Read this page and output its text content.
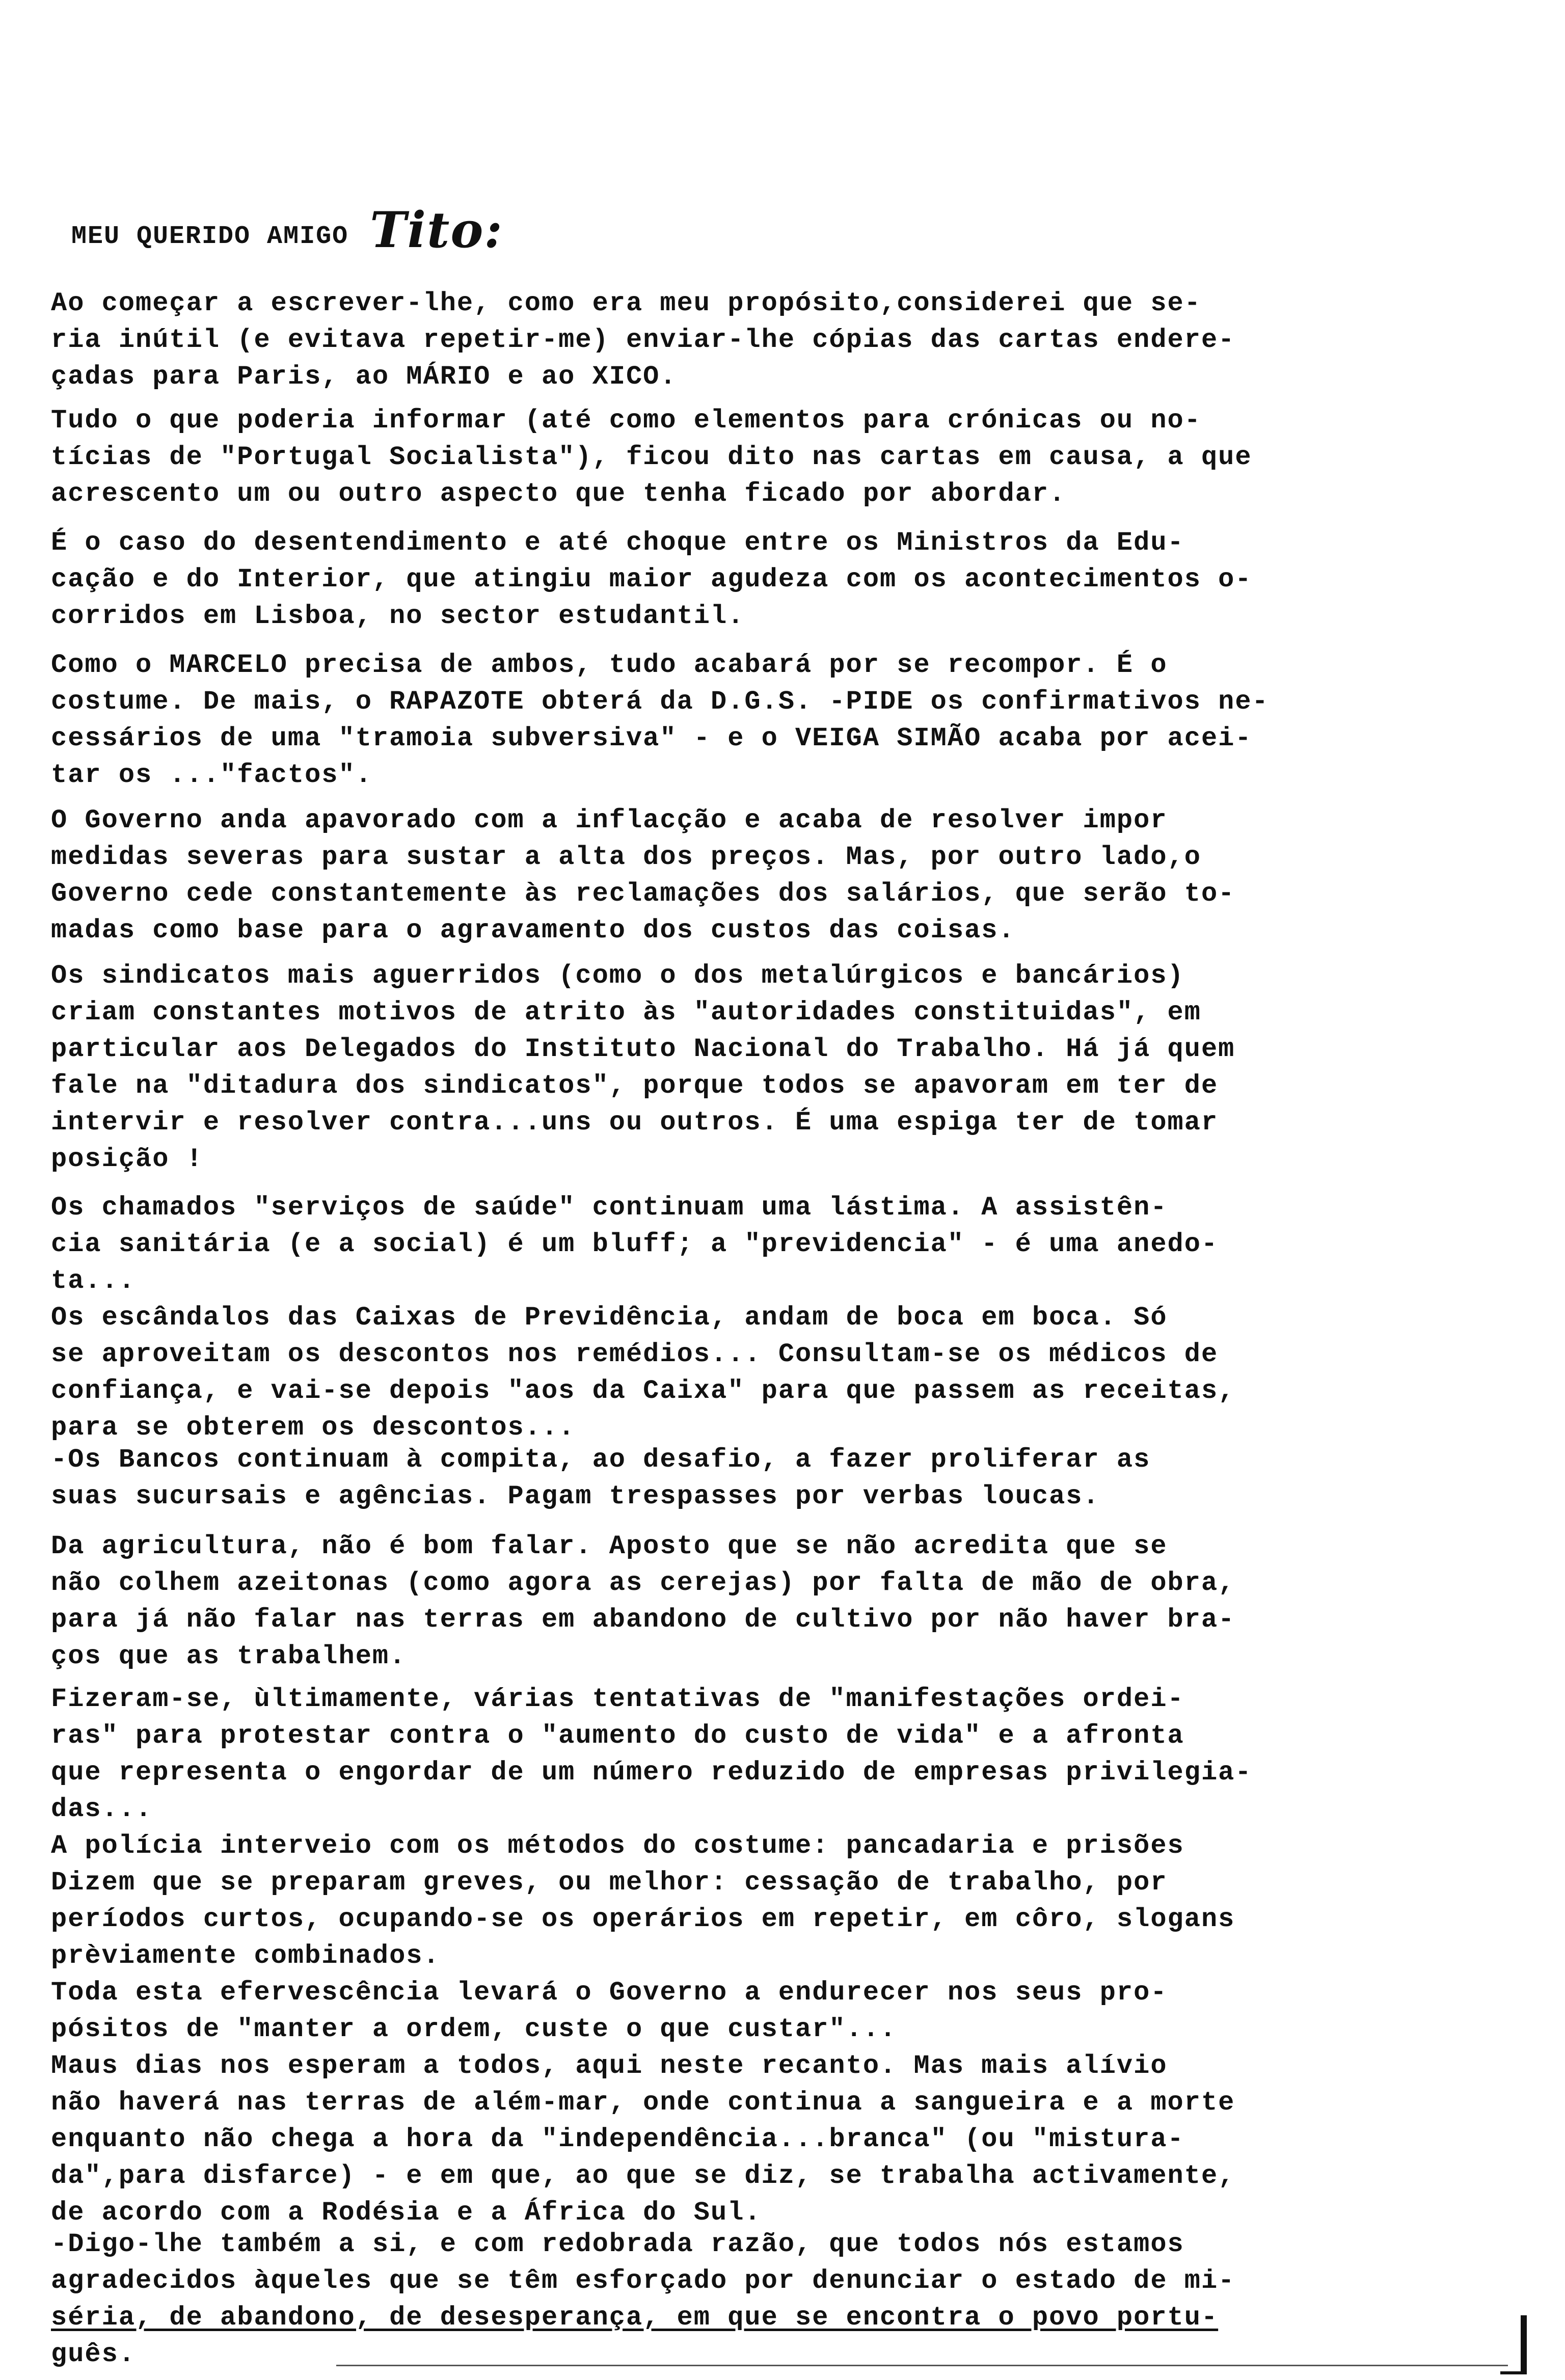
MEU QUERIDO AMIGO Tito:
Ao começar a escrever-lhe, como era meu propósito,considerei que se-
ria inútil (e evitava repetir-me) enviar-lhe cópias das cartas endere-
çadas para Paris, ao MÁRIO e ao XICO.
Tudo o que poderia informar (até como elementos para crónicas ou no-
tícias de "Portugal Socialista"), ficou dito nas cartas em causa, a que
acrescento um ou outro aspecto que tenha ficado por abordar.
É o caso do desentendimento e até choque entre os Ministros da Edu-
cação e do Interior, que atingiu maior agudeza com os acontecimentos o-
corridos em Lisboa, no sector estudantil.
Como o MARCELO precisa de ambos, tudo acabará por se recompor. É o
costume. De mais, o RAPAZOTE obterá da D.G.S. -PIDE os confirmativos ne-
cessários de uma "tramoia subversiva" - e o VEIGA SIMÃO acaba por acei-
tar os ..."factos".
O Governo anda apavorado com a inflacção e acaba de resolver impor
medidas severas para sustar a alta dos preços. Mas, por outro lado,o
Governo cede constantemente às reclamações dos salários, que serão to-
madas como base para o agravamento dos custos das coisas.
Os sindicatos mais aguerridos (como o dos metalúrgicos e bancários)
criam constantes motivos de atrito às "autoridades constituidas", em
particular aos Delegados do Instituto Nacional do Trabalho. Há já quem
fale na "ditadura dos sindicatos", porque todos se apavoram em ter de
intervir e resolver contra...uns ou outros. É uma espiga ter de tomar
posição !
Os chamados "serviços de saúde" continuam uma lástima. A assistên-
cia sanitária (e a social) é um bluff; a "previdencia" - é uma anedo-
ta...
Os escândalos das Caixas de Previdência, andam de boca em boca. Só
se aproveitam os descontos nos remédios... Consultam-se os médicos de
confiança, e vai-se depois "aos da Caixa" para que passem as receitas,
para se obterem os descontos...
-Os Bancos continuam à compita, ao desafio, a fazer proliferar as
suas sucursais e agências. Pagam trespasses por verbas loucas.
Da agricultura, não é bom falar. Aposto que se não acredita que se
não colhem azeitonas (como agora as cerejas) por falta de mão de obra,
para já não falar nas terras em abandono de cultivo por não haver bra-
ços que as trabalhem.
Fizeram-se, ùltimamente, várias tentativas de "manifestações ordei-
ras" para protestar contra o "aumento do custo de vida" e a afronta
que representa o engordar de um número reduzido de empresas privilegia-
das...
A polícia interveio com os métodos do costume: pancadaria e prisões
Dizem que se preparam greves, ou melhor: cessação de trabalho, por
períodos curtos, ocupando-se os operários em repetir, em côro, slogans
prèviamente combinados.
Toda esta efervescência levará o Governo a endurecer nos seus pro-
pósitos de "manter a ordem, custe o que custar"...
Maus dias nos esperam a todos, aqui neste recanto. Mas mais alívio
não haverá nas terras de além-mar, onde continua a sangueira e a morte
enquanto não chega a hora da "independência...branca" (ou "mistura-
da",para disfarce) - e em que, ao que se diz, se trabalha activamente,
de acordo com a Rodésia e a África do Sul.
-Digo-lhe também a si, e com redobrada razão, que todos nós estamos
agradecidos àqueles que se têm esforçado por denunciar o estado de mi-
séria, de abandono, de desesperança, em que se encontra o povo portu-
guês.
